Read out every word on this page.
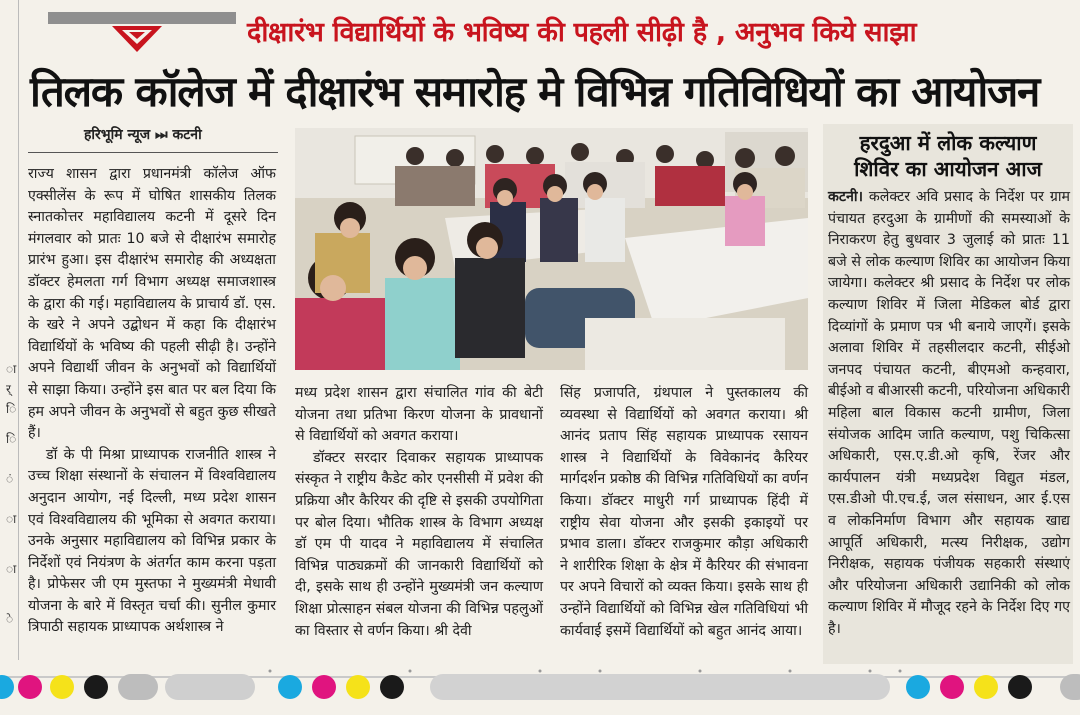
ा
र्
ि
ि
ं
ा
ा
े
दीक्षारंभ विद्यार्थियों के भविष्य की पहली सीढ़ी है , अनुभव किये साझा
तिलक कॉलेज में दीक्षारंभ समारोह मे विभिन्न गतिविधियों का आयोजन
हरिभूमि न्यूज ⏭ कटनी

राज्य शासन द्वारा प्रधानमंत्री कॉलेज ऑफ एक्सीलेंस के रूप में घोषित शासकीय तिलक स्नातकोत्तर महाविद्यालय कटनी में दूसरे दिन मंगलवार को प्रातः 10 बजे से दीक्षारंभ समारोह प्रारंभ हुआ। इस दीक्षारंभ समारोह की अध्यक्षता डॉक्टर हेमलता गर्ग विभाग अध्यक्ष समाजशास्त्र के द्वारा की गई। महाविद्यालय के प्राचार्य डॉ. एस. के खरे ने अपने उद्बोधन में कहा कि दीक्षारंभ विद्यार्थियों के भविष्य की पहली सीढ़ी है। उन्होंने अपने विद्यार्थी जीवन के अनुभवों को विद्यार्थियों से साझा किया। उन्होंने इस बात पर बल दिया कि हम अपने जीवन के अनुभवों से बहुत कुछ सीखते हैं।

डॉ के पी मिश्रा प्राध्यापक राजनीति शास्त्र ने उच्च शिक्षा संस्थानों के संचालन में विश्वविद्यालय अनुदान आयोग, नई दिल्ली, मध्य प्रदेश शासन एवं विश्वविद्यालय की भूमिका से अवगत कराया। उनके अनुसार महाविद्यालय को विभिन्न प्रकार के निर्देशों एवं नियंत्रण के अंतर्गत काम करना पड़ता है। प्रोफेसर जी एम मुस्तफा ने मुख्यमंत्री मेधावी योजना के बारे में विस्तृत चर्चा की। सुनील कुमार त्रिपाठी सहायक प्राध्यापक अर्थशास्त्र ने

मध्य प्रदेश शासन द्वारा संचालित गांव की बेटी योजना तथा प्रतिभा किरण योजना के प्रावधानों से विद्यार्थियों को अवगत कराया।

डॉक्टर सरदार दिवाकर सहायक प्राध्यापक संस्कृत ने राष्ट्रीय कैडेट कोर एनसीसी में प्रवेश की प्रक्रिया और कैरियर की दृष्टि से इसकी उपयोगिता पर बोल दिया। भौतिक शास्त्र के विभाग अध्यक्ष डॉ एम पी यादव ने महाविद्यालय में संचालित विभिन्न पाठ्यक्रमों की जानकारी विद्यार्थियों को दी, इसके साथ ही उन्होंने मुख्यमंत्री जन कल्याण शिक्षा प्रोत्साहन संबल योजना की विभिन्न पहलुओं का विस्तार से वर्णन किया। श्री देवी

सिंह प्रजापति, ग्रंथपाल ने पुस्तकालय की व्यवस्था से विद्यार्थियों को अवगत कराया। श्री आनंद प्रताप सिंह सहायक प्राध्यापक रसायन शास्त्र ने विद्यार्थियों के विवेकानंद कैरियर मार्गदर्शन प्रकोष्ठ की विभिन्न गतिविधियों का वर्णन किया। डॉक्टर माधुरी गर्ग प्राध्यापक हिंदी में राष्ट्रीय सेवा योजना और इसकी इकाइयों पर प्रभाव डाला। डॉक्टर राजकुमार कौड़ा अधिकारी ने शारीरिक शिक्षा के क्षेत्र में कैरियर की संभावना पर अपने विचारों को व्यक्त किया। इसके साथ ही उन्होंने विद्यार्थियों को विभिन्न खेल गतिविधियां भी कार्यवाई इसमें विद्यार्थियों को बहुत आनंद आया।

हरदुआ में लोक कल्याण
शिविर का आयोजन आज

कटनी। कलेक्टर अवि प्रसाद के निर्देश पर ग्राम पंचायत हरदुआ के ग्रामीणों की समस्याओं के निराकरण हेतु बुधवार 3 जुलाई को प्रातः 11 बजे से लोक कल्याण शिविर का आयोजन किया जायेगा। कलेक्टर श्री प्रसाद के निर्देश पर लोक कल्याण शिविर में जिला मेडिकल बोर्ड द्वारा दिव्यांगों के प्रमाण पत्र भी बनाये जाएगें। इसके अलावा शिविर में तहसीलदार कटनी, सीईओ जनपद पंचायत कटनी, बीएमओ कन्हवारा, बीईओ व बीआरसी कटनी, परियोजना अधिकारी महिला बाल विकास कटनी ग्रामीण, जिला संयोजक आदिम जाति कल्याण, पशु चिकित्सा अधिकारी, एस.ए.डी.ओ कृषि, रेंजर और कार्यपालन यंत्री मध्यप्रदेश विद्युत मंडल, एस.डीओ पी.एच.ई, जल संसाधन, आर ई.एस व लोकनिर्माण विभाग और सहायक खाद्य आपूर्ति अधिकारी, मत्स्य निरीक्षक, उद्योग निरीक्षक, सहायक पंजीयक सहकारी संस्थाएं और परियोजना अधिकारी उद्यानिकी को लोक कल्याण शिविर में मौजूद रहने के निर्देश दिए गए है।
